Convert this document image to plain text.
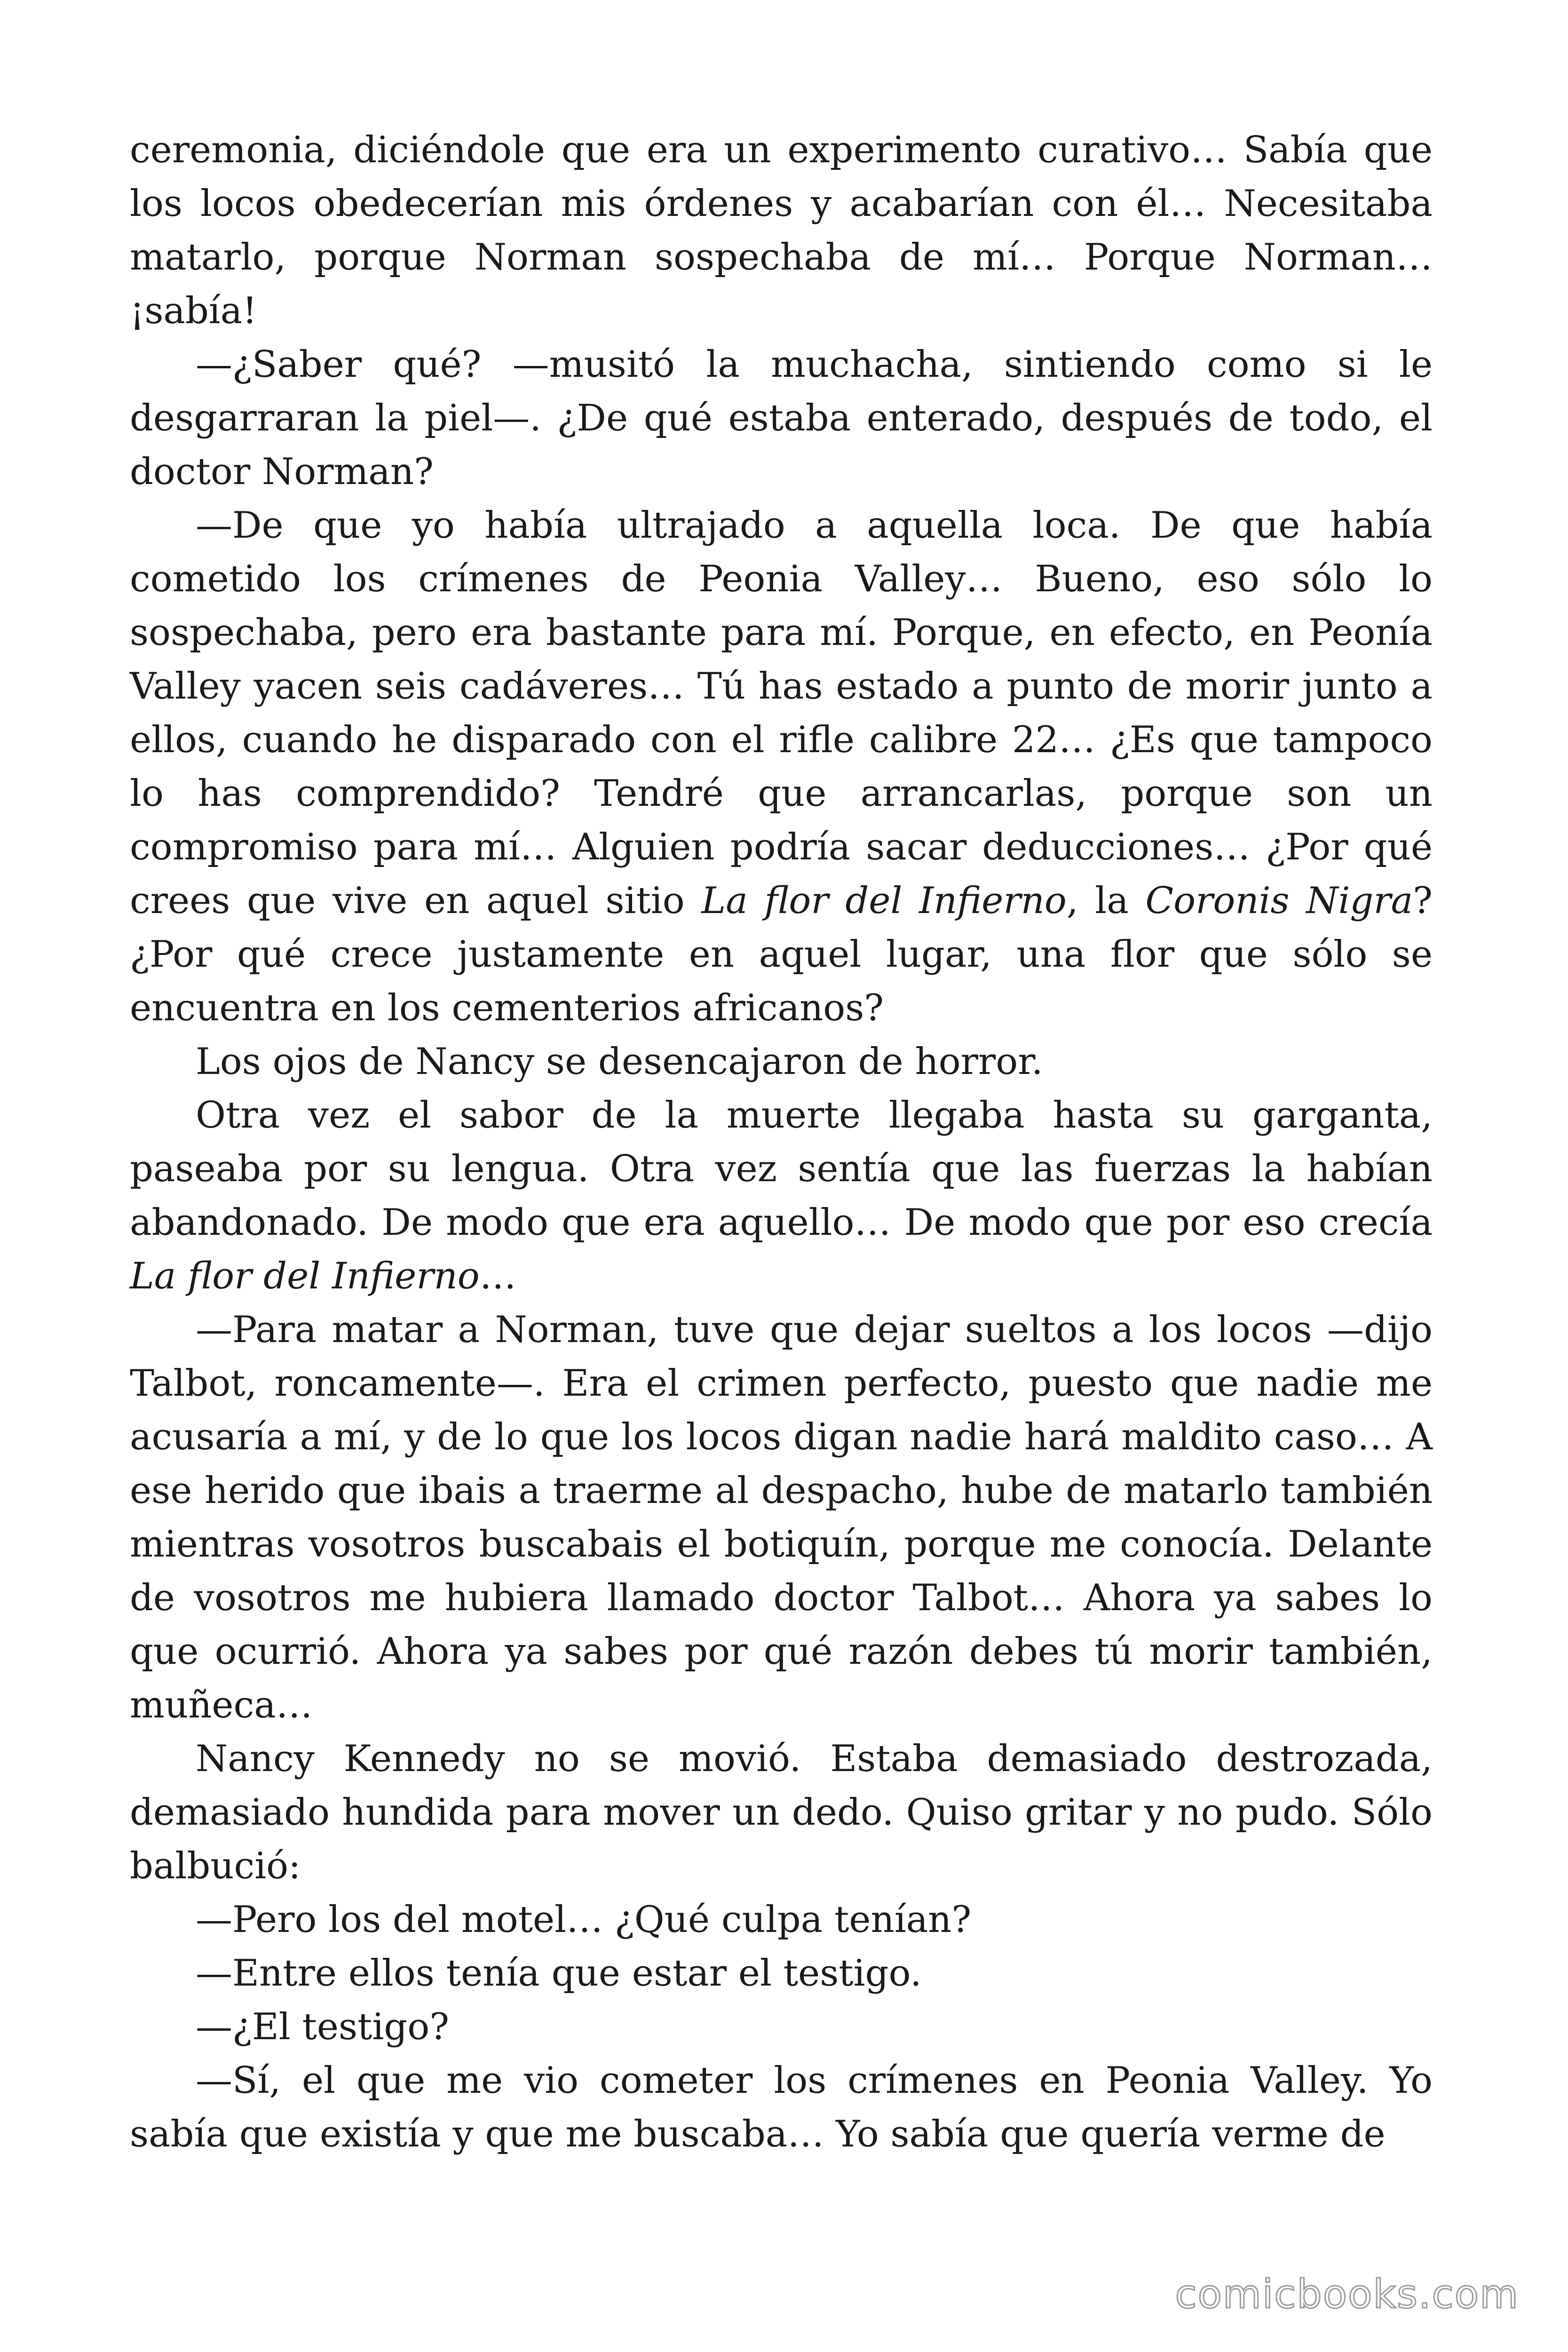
ceremonia, diciéndole que era un experimento curativo… Sabía que los locos obedecerían mis órdenes y acabarían con él… Necesitaba matarlo, porque Norman sospechaba de mí… Porque Norman… ¡sabía!

—¿Saber qué? —musitó la muchacha, sintiendo como si le desgarraran la piel—. ¿De qué estaba enterado, después de todo, el doctor Norman?

—De que yo había ultrajado a aquella loca. De que había cometido los crímenes de Peonia Valley… Bueno, eso sólo lo sospechaba, pero era bastante para mí. Porque, en efecto, en Peonía Valley yacen seis cadáveres… Tú has estado a punto de morir junto a ellos, cuando he disparado con el rifle calibre 22… ¿Es que tampoco lo has comprendido? Tendré que arrancarlas, porque son un compromiso para mí… Alguien podría sacar deducciones… ¿Por qué crees que vive en aquel sitio La flor del Infierno, la Coronis Nigra? ¿Por qué crece justamente en aquel lugar, una flor que sólo se encuentra en los cementerios africanos?

Los ojos de Nancy se desencajaron de horror.

Otra vez el sabor de la muerte llegaba hasta su garganta, paseaba por su lengua. Otra vez sentía que las fuerzas la habían abandonado. De modo que era aquello… De modo que por eso crecía La flor del Infierno…

—Para matar a Norman, tuve que dejar sueltos a los locos —dijo Talbot, roncamente—. Era el crimen perfecto, puesto que nadie me acusaría a mí, y de lo que los locos digan nadie hará maldito caso… A ese herido que ibais a traerme al despacho, hube de matarlo también mientras vosotros buscabais el botiquín, porque me conocía. Delante de vosotros me hubiera llamado doctor Talbot… Ahora ya sabes lo que ocurrió. Ahora ya sabes por qué razón debes tú morir también, muñeca…

Nancy Kennedy no se movió. Estaba demasiado destrozada, demasiado hundida para mover un dedo. Quiso gritar y no pudo. Sólo balbució:

—Pero los del motel… ¿Qué culpa tenían?

—Entre ellos tenía que estar el testigo.

—¿El testigo?

—Sí, el que me vio cometer los crímenes en Peonia Valley. Yo sabía que existía y que me buscaba… Yo sabía que quería verme de

comicbooks.com
